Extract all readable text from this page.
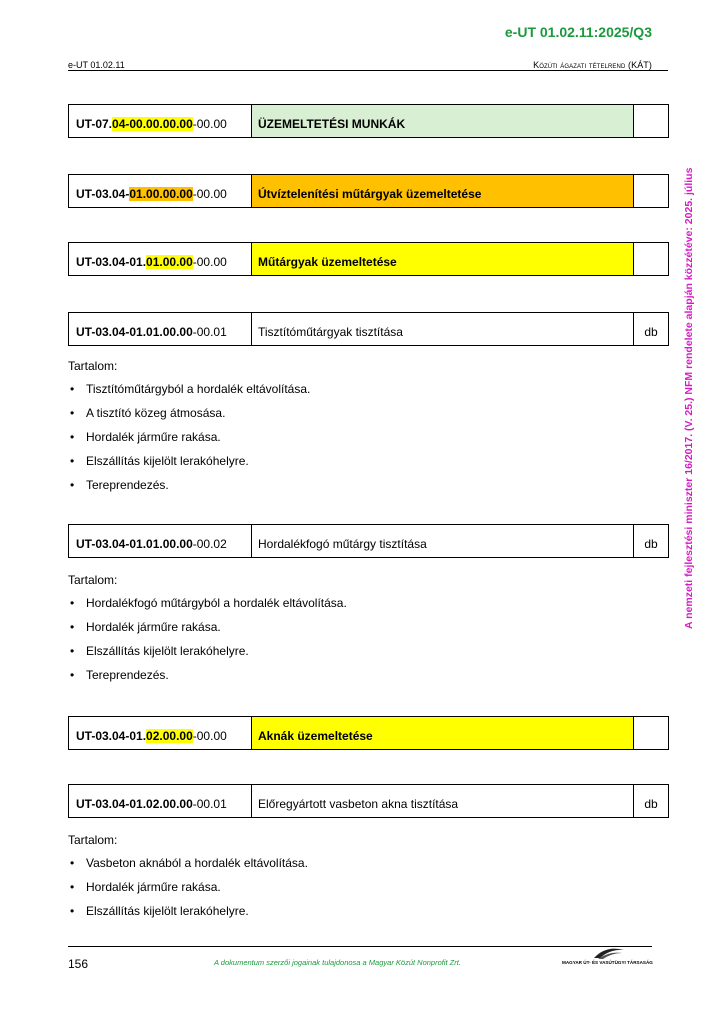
e-UT 01.02.11:2025/Q3
e-UT 01.02.11	Közúti ágazati tételrend (KÁT)
A nemzeti fejlesztési miniszter 16/2017. (V. 25.) NFM rendelete alapján közzétéve: 2025. július
UT-07. 04-00.00.00.00 -00.00	ÜZEMELTETÉSI MUNKÁK
UT-03.04- 01.00.00.00 -00.00	Útvíztelenítési műtárgyak üzemeltetése
UT-03.04-01. 01.00.00 -00.00	Műtárgyak üzemeltetése
UT-03.04-01.01.00.00 -00.01	Tisztítóműtárgyak tisztítása	db
Tartalom:
• Tisztítóműtárgyból a hordalék eltávolítása.
• A tisztító közeg átmosása.
• Hordalék járműre rakása.
• Elszállítás kijelölt lerakóhelyre.
• Tereprendezés.
UT-03.04-01.01.00.00 -00.02	Hordalékfogó műtárgy tisztítása	db
Tartalom:
• Hordalékfogó műtárgyból a hordalék eltávolítása.
• Hordalék járműre rakása.
• Elszállítás kijelölt lerakóhelyre.
• Tereprendezés.
UT-03.04-01. 02.00.00 -00.00	Aknák üzemeltetése
UT-03.04-01.02.00.00 -00.01	Előregyártott vasbeton akna tisztítása	db
Tartalom:
• Vasbeton aknából a hordalék eltávolítása.
• Hordalék járműre rakása.
• Elszállítás kijelölt lerakóhelyre.
156	A dokumentum szerzői jogainak tulajdonosa a Magyar Közút Nonprofit Zrt.	MAGYAR ÚT- ÉS VASÚTÜGYI TÁRSASÁG
